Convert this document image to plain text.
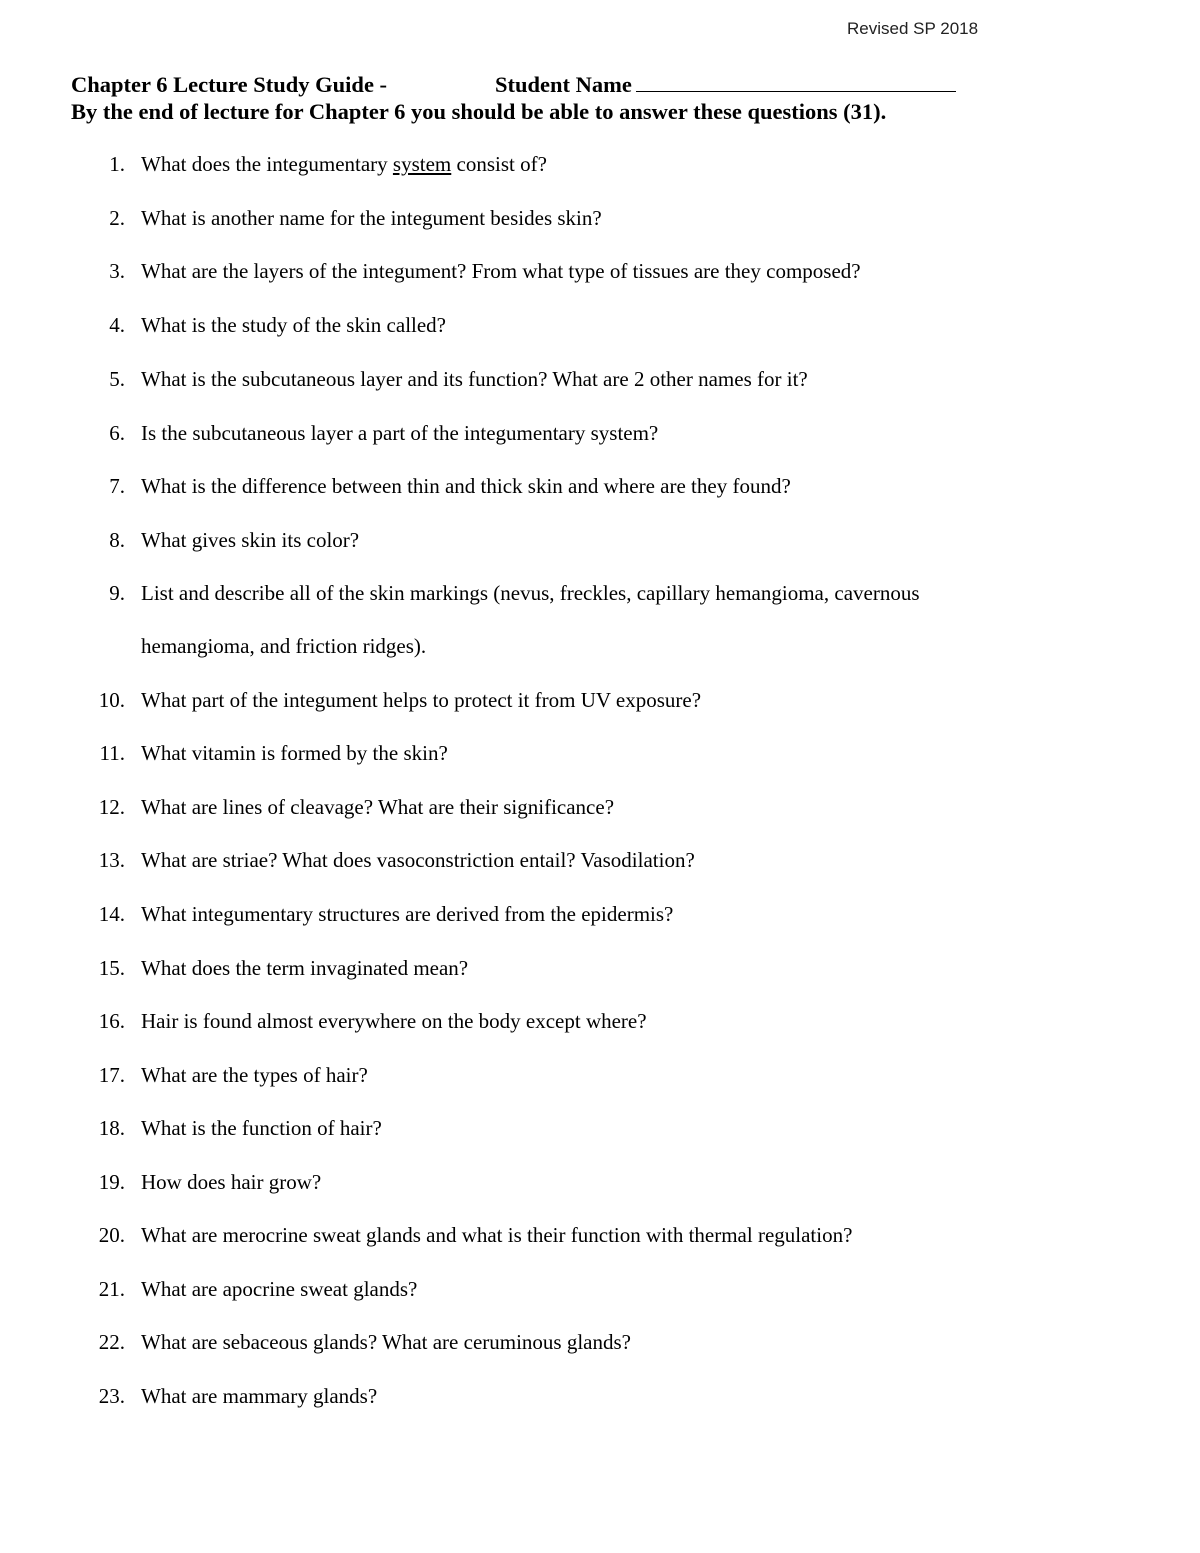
Revised SP 2018
Chapter 6 Lecture Study Guide -	Student Name
By the end of lecture for Chapter 6 you should be able to answer these questions (31).
1. What does the integumentary system consist of?
2. What is another name for the integument besides skin?
3. What are the layers of the integument? From what type of tissues are they composed?
4. What is the study of the skin called?
5. What is the subcutaneous layer and its function? What are 2 other names for it?
6. Is the subcutaneous layer a part of the integumentary system?
7. What is the difference between thin and thick skin and where are they found?
8. What gives skin its color?
9. List and describe all of the skin markings (nevus, freckles, capillary hemangioma, cavernous
hemangioma, and friction ridges).
10. What part of the integument helps to protect it from UV exposure?
11. What vitamin is formed by the skin?
12. What are lines of cleavage? What are their significance?
13. What are striae? What does vasoconstriction entail? Vasodilation?
14. What integumentary structures are derived from the epidermis?
15. What does the term invaginated mean?
16. Hair is found almost everywhere on the body except where?
17. What are the types of hair?
18. What is the function of hair?
19. How does hair grow?
20. What are merocrine sweat glands and what is their function with thermal regulation?
21. What are apocrine sweat glands?
22. What are sebaceous glands? What are ceruminous glands?
23. What are mammary glands?
